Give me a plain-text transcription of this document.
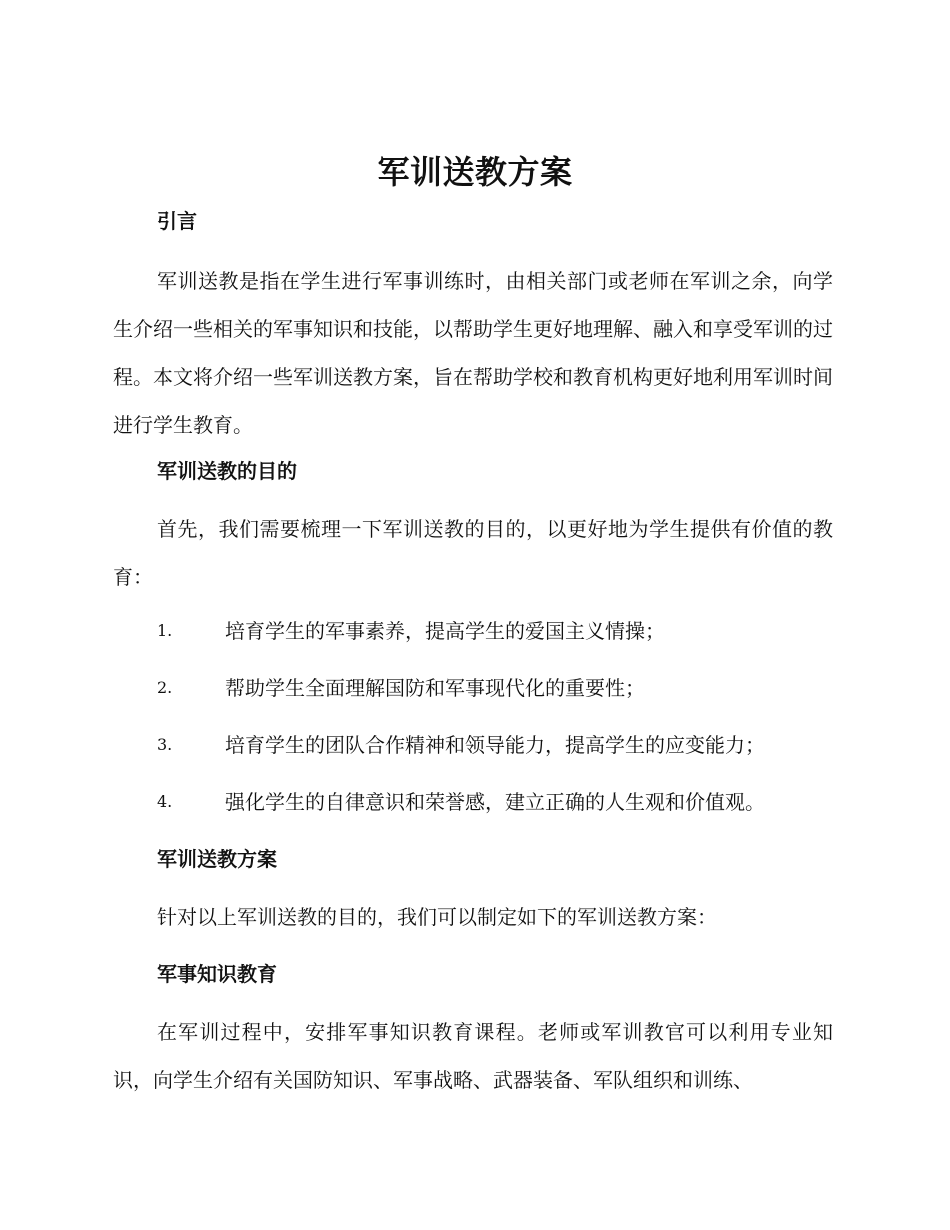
军训送教方案
引言

军训送教是指在学生进行军事训练时，由相关部门或老师在军训之余，向学生介绍一些相关的军事知识和技能，以帮助学生更好地理解、融入和享受军训的过程。本文将介绍一些军训送教方案，旨在帮助学校和教育机构更好地利用军训时间进行学生教育。

军训送教的目的

首先，我们需要梳理一下军训送教的目的，以更好地为学生提供有价值的教育：

1.	培育学生的军事素养，提高学生的爱国主义情操；
2.	帮助学生全面理解国防和军事现代化的重要性；
3.	培育学生的团队合作精神和领导能力，提高学生的应变能力；
4.	强化学生的自律意识和荣誉感，建立正确的人生观和价值观。
军训送教方案

针对以上军训送教的目的，我们可以制定如下的军训送教方案：

军事知识教育

在军训过程中，安排军事知识教育课程。老师或军训教官可以利用专业知识，向学生介绍有关国防知识、军事战略、武器装备、军队组织和训练、
